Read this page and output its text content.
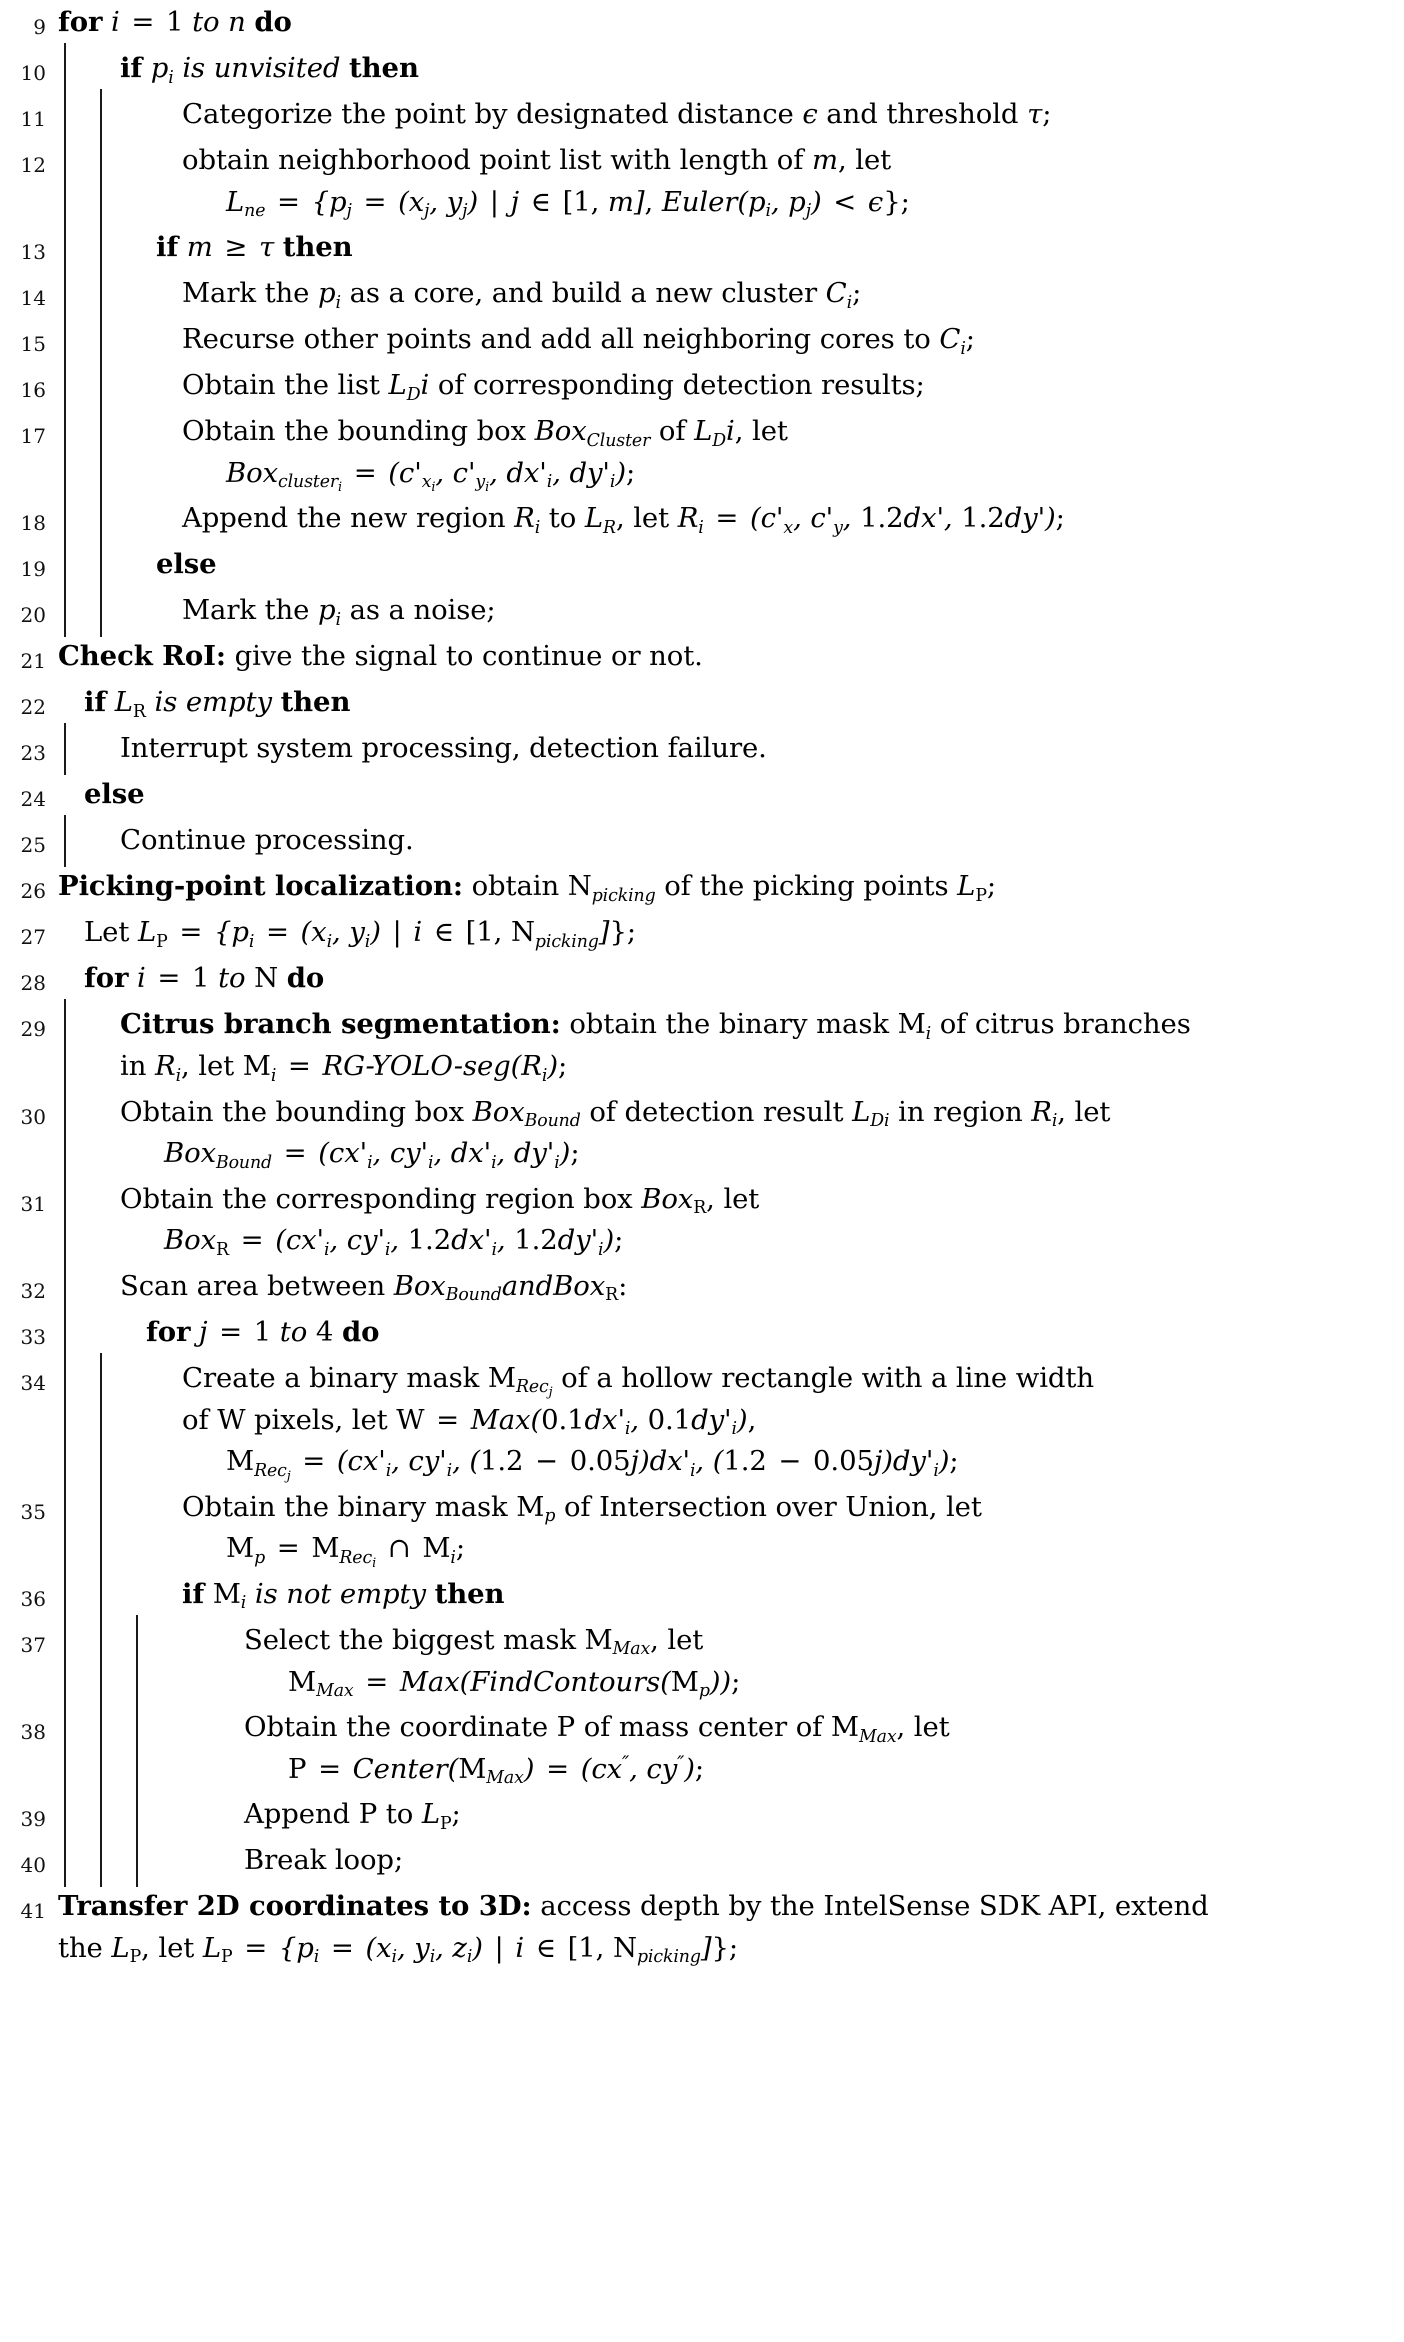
9 for i = 1 to n do
10	if $p_i$ is unvisited then
11	Categorize the point by designated distance ϵ and threshold τ;
12	obtain neighborhood point list with length of m, let
$L_{ne} = \{p_j = (x_j$, $y_j$) | j ∈ [1, m], $Euler(p_i$, $p_j) < \epsilon$};
13	if m ≥ τ then
14	Mark the $p_i$ as a core, and build a new cluster $C_i$;
15	Recurse other points and add all neighboring cores to $C_i$;
16	Obtain the list $L_Di$ of corresponding detection results;
17	Obtain the bounding box Box$_{Cluster}$ of $L_Di$, let
$Box_{cluster_i} = (c'_{x_i}$, $c'_{y_i}$, $dx'_i$, $dy'_i$);
18	Append the new region $R_i$ to $L_R$, let $R_i = (c'_x$, $c'_y$, 1.2dx', 1.2dy');
19	else
20	Mark the $p_i$ as a noise;
21 Check RoI: give the signal to continue or not.
22	if $L_R$ is empty then
23	Interrupt system processing, detection failure.
24	else
25	Continue processing.
26 Picking-point localization: obtain $N_{picking}$ of the picking points $L_P$;
27	Let $L_P = \{p_i = (x_i$, $y_i$) | i ∈ [1, $N_{picking}$]};
28	for i = 1 to N do
29	Citrus branch segmentation: obtain the binary mask $M_i$ of citrus branches
in $R_i$, let $M_i$ = $RG-YOLO-seg(R_i)$;
30	Obtain the bounding box Box$_{Bound}$ of detection result $L_{Di}$ in region $R_i$, let
$Box_{Bound} = (cx'_i$, $cy'_i$, $dx'_i$, $dy'_i$);
31	Obtain the corresponding region box Box$_R$, let
$Box_R = (cx'_i$, $cy'_i$, $1.2dx'_i$, $1.2dy'_i$);
32	Scan area between Box$_{Bound}$andBox$_R$:
33	for j = 1 to 4 do
34	Create a binary mask $M_{Rec_j}$ of a hollow rectangle with a line width
of W pixels, let $W = Max(0.1dx'_i$, $0.1dy'_i$),
$M_{Rec_j} = (cx'_i$, $cy'_i$, $(1.2 - 0.05j)dx'_i$, $(1.2 - 0.05j)dy'_i$);
35	Obtain the binary mask $M_p$ of Intersection over Union, let
$M_p = M_{Rec_i}$ ∩ $M_i$;
36	if $M_i$ is not empty then
37	Select the biggest mask $M_{Max}$, let
$M_{Max}$ = $Max(FindContours(M_p))$;
38	Obtain the coordinate P of mass center of $M_{Max}$, let
$P = Center(M_{Max}) = (cx''$, cy″);
39	Append P to $L_P$;
40	Break loop;
41 Transfer 2D coordinates to 3D: access depth by the IntelSense SDK API, extend
the $L_P$, let $L_P = \{p_i = (x_i$, $y_i$, $z_i$) | i ∈ [1, $N_{picking}$]};
